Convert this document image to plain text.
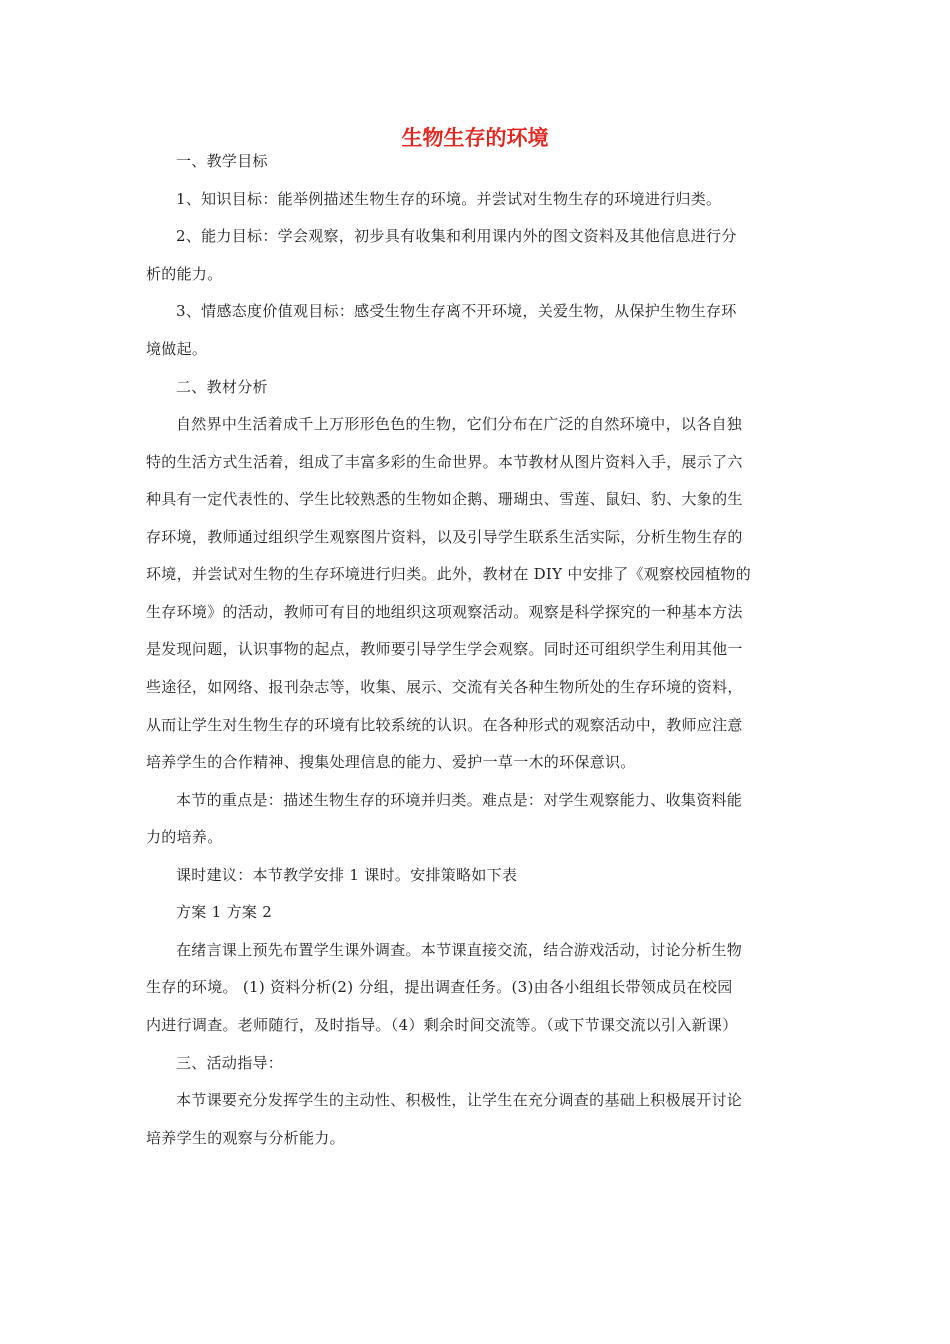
生物生存的环境
一、教学目标
1、知识目标：能举例描述生物生存的环境。并尝试对生物生存的环境进行归类。
2、能力目标：学会观察，初步具有收集和利用课内外的图文资料及其他信息进行分
析的能力。
3、情感态度价值观目标：感受生物生存离不开环境，关爱生物，从保护生物生存环
境做起。
二、教材分析
自然界中生活着成千上万形形色色的生物，它们分布在广泛的自然环境中，以各自独
特的生活方式生活着，组成了丰富多彩的生命世界。本节教材从图片资料入手，展示了六
种具有一定代表性的、学生比较熟悉的生物如企鹅、珊瑚虫、雪莲、鼠妇、豹、大象的生
存环境，教师通过组织学生观察图片资料，以及引导学生联系生活实际，分析生物生存的
环境，并尝试对生物的生存环境进行归类。此外，教材在 DIY 中安排了《观察校园植物的
生存环境》的活动，教师可有目的地组织这项观察活动。观察是科学探究的一种基本方法
是发现问题，认识事物的起点，教师要引导学生学会观察。同时还可组织学生利用其他一
些途径，如网络、报刊杂志等，收集、展示、交流有关各种生物所处的生存环境的资料，
从而让学生对生物生存的环境有比较系统的认识。在各种形式的观察活动中，教师应注意
培养学生的合作精神、搜集处理信息的能力、爱护一草一木的环保意识。
本节的重点是：描述生物生存的环境并归类。难点是：对学生观察能力、收集资料能
力的培养。
课时建议：本节教学安排 1 课时。安排策略如下表
方案 1 方案 2
在绪言课上预先布置学生课外调查。本节课直接交流，结合游戏活动，讨论分析生物
生存的环境。 (1) 资料分析(2) 分组，提出调查任务。(3)由各小组组长带领成员在校园
内进行调查。老师随行，及时指导。（4）剩余时间交流等。（或下节课交流以引入新课）
三、活动指导：
本节课要充分发挥学生的主动性、积极性，让学生在充分调查的基础上积极展开讨论
培养学生的观察与分析能力。
